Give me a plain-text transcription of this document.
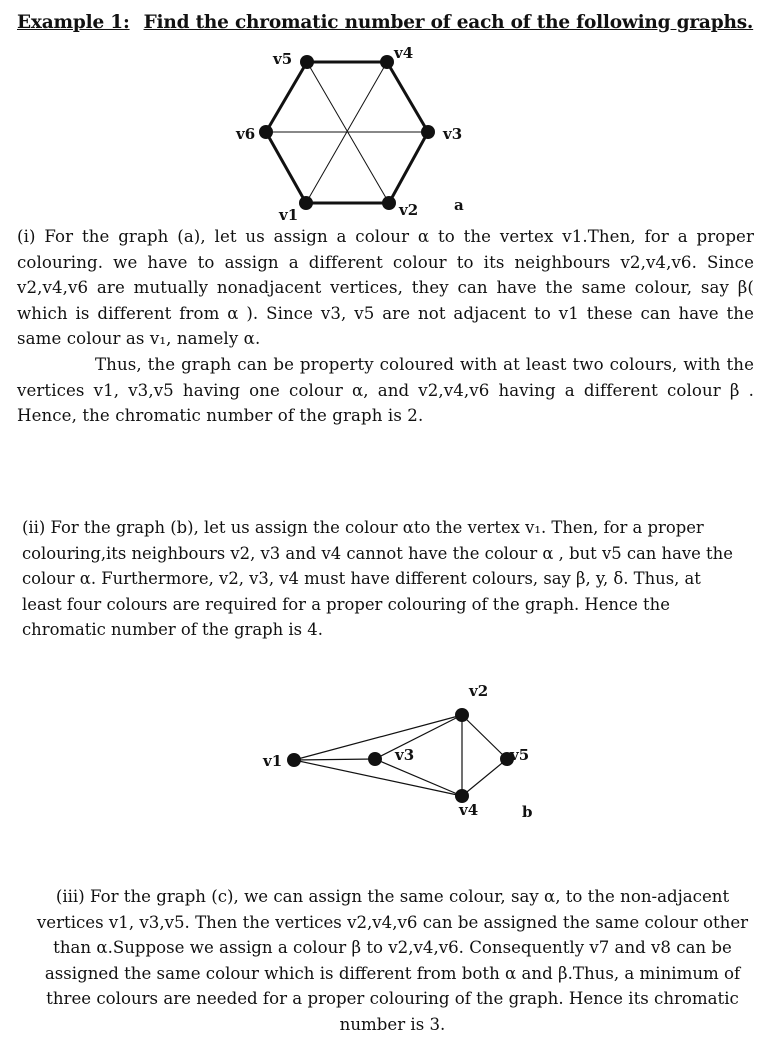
Example 1: Find the chromatic number of each of the following graphs.
v1	v2
v3
v4
v5
v6
a

(i) For the graph (a), let us assign a colour α to the vertex v1.Then, for a proper colouring. we have to assign a different colour to its neighbours v2,v4,v6. Since v2,v4,v6 are mutually nonadjacent vertices, they can have the same colour, say β( which is different from α ). Since v3, v5 are not adjacent to v1 these can have the same colour as v₁, namely α.
Thus, the graph can be property coloured with at least two colours, with the vertices v1, v3,v5 having one colour α, and v2,v4,v6 having a different colour β . Hence, the chromatic number of the graph is 2.

(ii) For the graph (b), let us assign the colour αto the vertex v₁. Then, for a proper colouring,its neighbours v2, v3 and v4 cannot have the colour α , but v5 can have the colour α. Furthermore, v2, v3, v4 must have different colours, say β, y, δ. Thus, at least four colours are required for a proper colouring of the graph. Hence the chromatic number of the graph is 4.

v1
v2
v3
v4
v5
b

(iii) For the graph (c), we can assign the same colour, say α, to the non-adjacent vertices v1, v3,v5. Then the vertices v2,v4,v6 can be assigned the same colour other than α.Suppose we assign a colour β to v2,v4,v6. Consequently v7 and v8 can be assigned the same colour which is different from both α and β.Thus, a minimum of three colours are needed for a proper colouring of the graph. Hence its chromatic number is 3.
